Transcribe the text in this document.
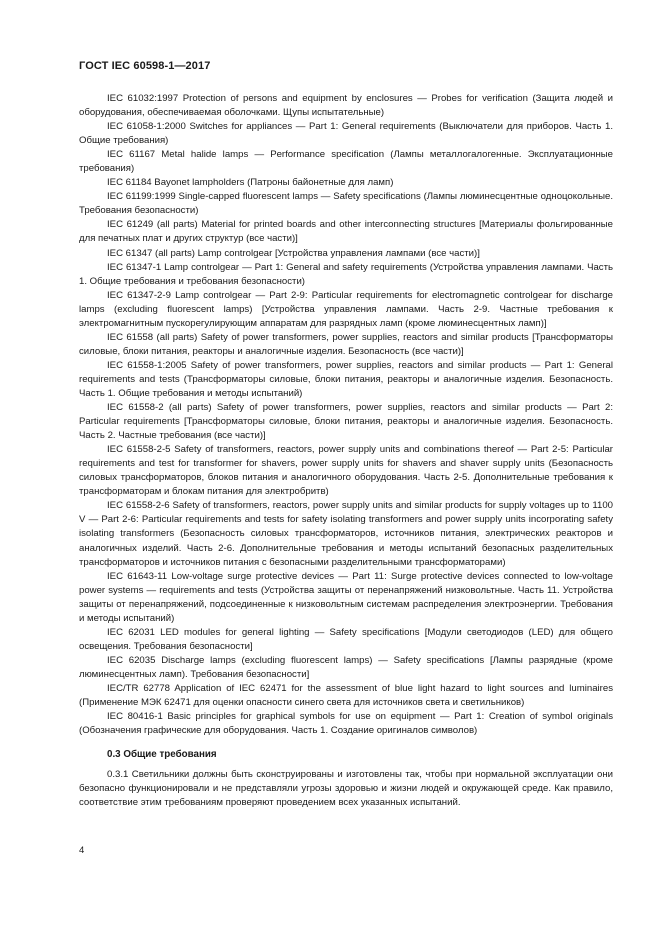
ГОСТ IEC 60598-1—2017

IEC 61032:1997 Protection of persons and equipment by enclosures — Probes for verification (Защита людей и оборудования, обеспечиваемая оболочками. Щупы испытательные)

IEC 61058-1:2000 Switches for appliances — Part 1: General requirements (Выключатели для приборов. Часть 1. Общие требования)

IEC 61167 Metal halide lamps — Performance specification (Лампы металлогалогенные. Эксплуатационные требования)

IEC 61184 Bayonet lampholders (Патроны байонетные для ламп)

IEC 61199:1999 Single-capped fluorescent lamps — Safety specifications (Лампы люминесцентные одноцокольные. Требования безопасности)

IEC 61249 (all parts) Material for printed boards and other interconnecting structures [Материалы фольгированные для печатных плат и других структур (все части)]

IEC 61347 (all parts) Lamp controlgear [Устройства управления лампами (все части)]

IEC 61347-1 Lamp controlgear — Part 1: General and safety requirements (Устройства управления лампами. Часть 1. Общие требования и требования безопасности)

IEC 61347-2-9 Lamp controlgear — Part 2-9: Particular requirements for electromagnetic controlgear for discharge lamps (excluding fluorescent lamps) [Устройства управления лампами. Часть 2-9. Частные требования к электромагнитным пускорегулирующим аппаратам для разрядных ламп (кроме люминесцентных ламп)]

IEC 61558 (all parts) Safety of power transformers, power supplies, reactors and similar products [Трансформаторы силовые, блоки питания, реакторы и аналогичные изделия. Безопасность (все части)]

IEC 61558-1:2005 Safety of power transformers, power supplies, reactors and similar products — Part 1: General requirements and tests (Трансформаторы силовые, блоки питания, реакторы и аналогичные изделия. Безопасность. Часть 1. Общие требования и методы испытаний)

IEC 61558-2 (all parts) Safety of power transformers, power supplies, reactors and similar products — Part 2: Particular requirements [Трансформаторы силовые, блоки питания, реакторы и аналогичные изделия. Безопасность. Часть 2. Частные требования (все части)]

IEC 61558-2-5 Safety of transformers, reactors, power supply units and combinations thereof — Part 2-5: Particular requirements and test for transformer for shavers, power supply units for shavers and shaver supply units (Безопасность силовых трансформаторов, блоков питания и аналогичного оборудования. Часть 2-5. Дополнительные требования к трансформаторам и блокам питания для электробритв)

IEC 61558-2-6 Safety of transformers, reactors, power supply units and similar products for supply voltages up to 1100 V — Part 2-6: Particular requirements and tests for safety isolating transformers and power supply units incorporating safety isolating transformers (Безопасность силовых трансформаторов, источников питания, электрических реакторов и аналогичных изделий. Часть 2-6. Дополнительные требования и методы испытаний безопасных разделительных трансформаторов и источников питания с безопасными разделительными трансформаторами)

IEC 61643-11 Low-voltage surge protective devices — Part 11: Surge protective devices connected to low-voltage power systems — requirements and tests (Устройства защиты от перенапряжений низковольтные. Часть 11. Устройства защиты от перенапряжений, подсоединенные к низковольтным системам распределения электроэнергии. Требования и методы испытаний)

IEC 62031 LED modules for general lighting — Safety specifications [Модули светодиодов (LED) для общего освещения. Требования безопасности]

IEC 62035 Discharge lamps (excluding fluorescent lamps) — Safety specifications [Лампы разрядные (кроме люминесцентных ламп). Требования безопасности]

IEC/TR 62778 Application of IEC 62471 for the assessment of blue light hazard to light sources and luminaires (Применение МЭК 62471 для оценки опасности синего света для источников света и светильников)

IEC 80416-1 Basic principles for graphical symbols for use on equipment — Part 1: Creation of symbol originals (Обозначения графические для оборудования. Часть 1. Создание оригиналов символов)

0.3 Общие требования

0.3.1 Светильники должны быть сконструированы и изготовлены так, чтобы при нормальной эксплуатации они безопасно функционировали и не представляли угрозы здоровью и жизни людей и окружающей среде. Как правило, соответствие этим требованиям проверяют проведением всех указанных испытаний.

4
